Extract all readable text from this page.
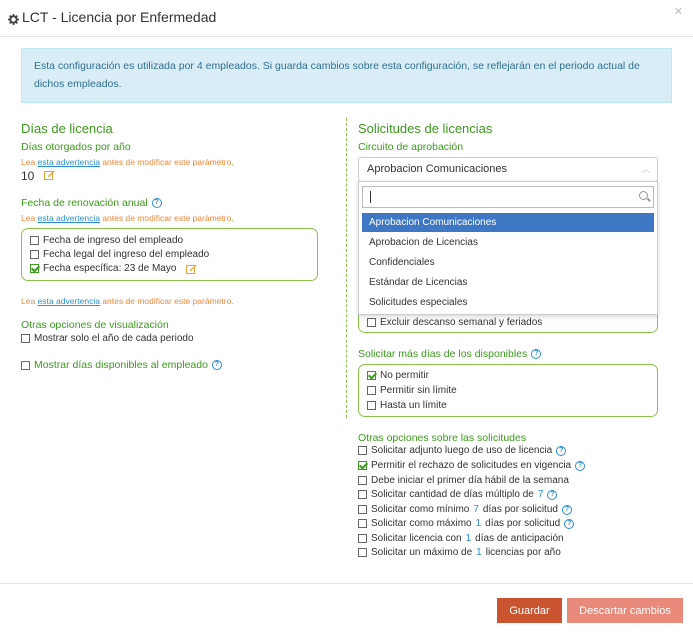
LCT - Licencia por Enfermedad	✕
Esta configuración es utilizada por 4 empleados. Si guarda cambios sobre esta configuración, se reflejarán en el periodo actual de dichos empleados.
Días de licencia
Días otorgados por año
Lea esta advertencia antes de modificar este parámetro.
10
Fecha de renovación anual ?
Lea esta advertencia antes de modificar este parámetro.
Fecha de ingreso del empleado
Fecha legal del ingreso del empleado
Fecha específica: 23 de Mayo
Lea esta advertencia antes de modificar este parámetro.
Otras opciones de visualización
Mostrar solo el año de cada periodo
Mostrar días disponibles al empleado ?
Solicitudes de licencias
Circuito de aprobación
Excluir descanso semanal y feriados
Aprobacion Comunicaciones	︿
Aprobacion Comunicaciones
Aprobacion de Licencias
Confidenciales
Estándar de Licencias
Solicitudes especiales
Solicitar más días de los disponibles ?
No permitir
Permitir sin límite
Hasta un límite
Otras opciones sobre las solicitudes
Solicitar adjunto luego de uso de licencia ?
Permitir el rechazo de solicitudes en vigencia ?
Debe iniciar el primer día hábil de la semana
Solicitar cantidad de días múltiplo de 7 ?
Solicitar como mínimo 7 días por solicitud ?
Solicitar como máximo 1 días por solicitud ?
Solicitar licencia con 1 días de anticipación
Solicitar un máximo de 1 licencias por año
Guardar	Descartar cambios
